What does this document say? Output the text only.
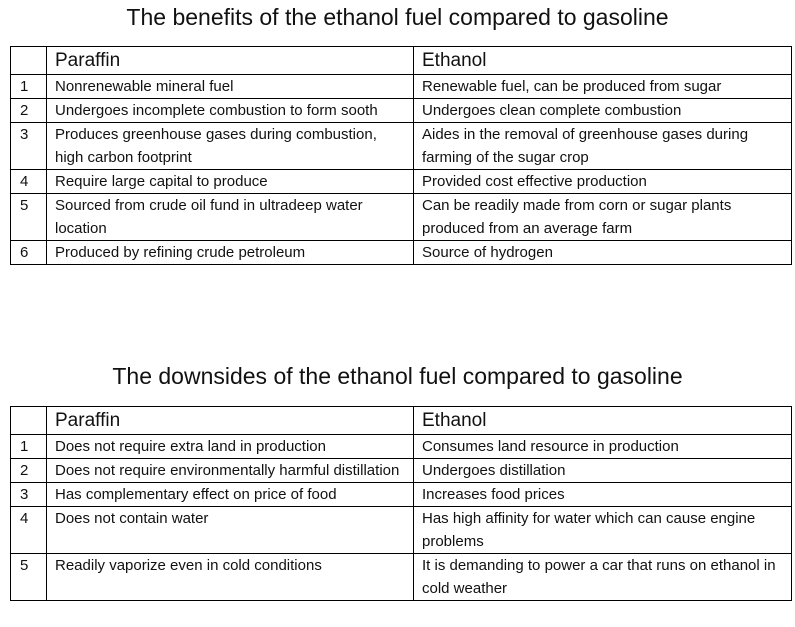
The benefits of the ethanol fuel compared to gasoline
	Paraffin	Ethanol
1	Nonrenewable mineral fuel	Renewable fuel, can be produced from sugar
2	Undergoes incomplete combustion to form sooth	Undergoes clean complete combustion
3	Produces greenhouse gases during combustion, high carbon footprint	Aides in the removal of greenhouse gases during farming of the sugar crop
4	Require large capital to produce	Provided cost effective production
5	Sourced from crude oil fund in ultradeep water location	Can be readily made from corn or sugar plants produced from an average farm
6	Produced by refining crude petroleum	Source of hydrogen
The downsides of the ethanol fuel compared to gasoline
	Paraffin	Ethanol
1	Does not require extra land in production	Consumes land resource in production
2	Does not require environmentally harmful distillation	Undergoes distillation
3	Has complementary effect on price of food	Increases food prices
4	Does not contain water	Has high affinity for water which can cause engine problems
5	Readily vaporize even in cold conditions	It is demanding to power a car that runs on ethanol in cold weather
